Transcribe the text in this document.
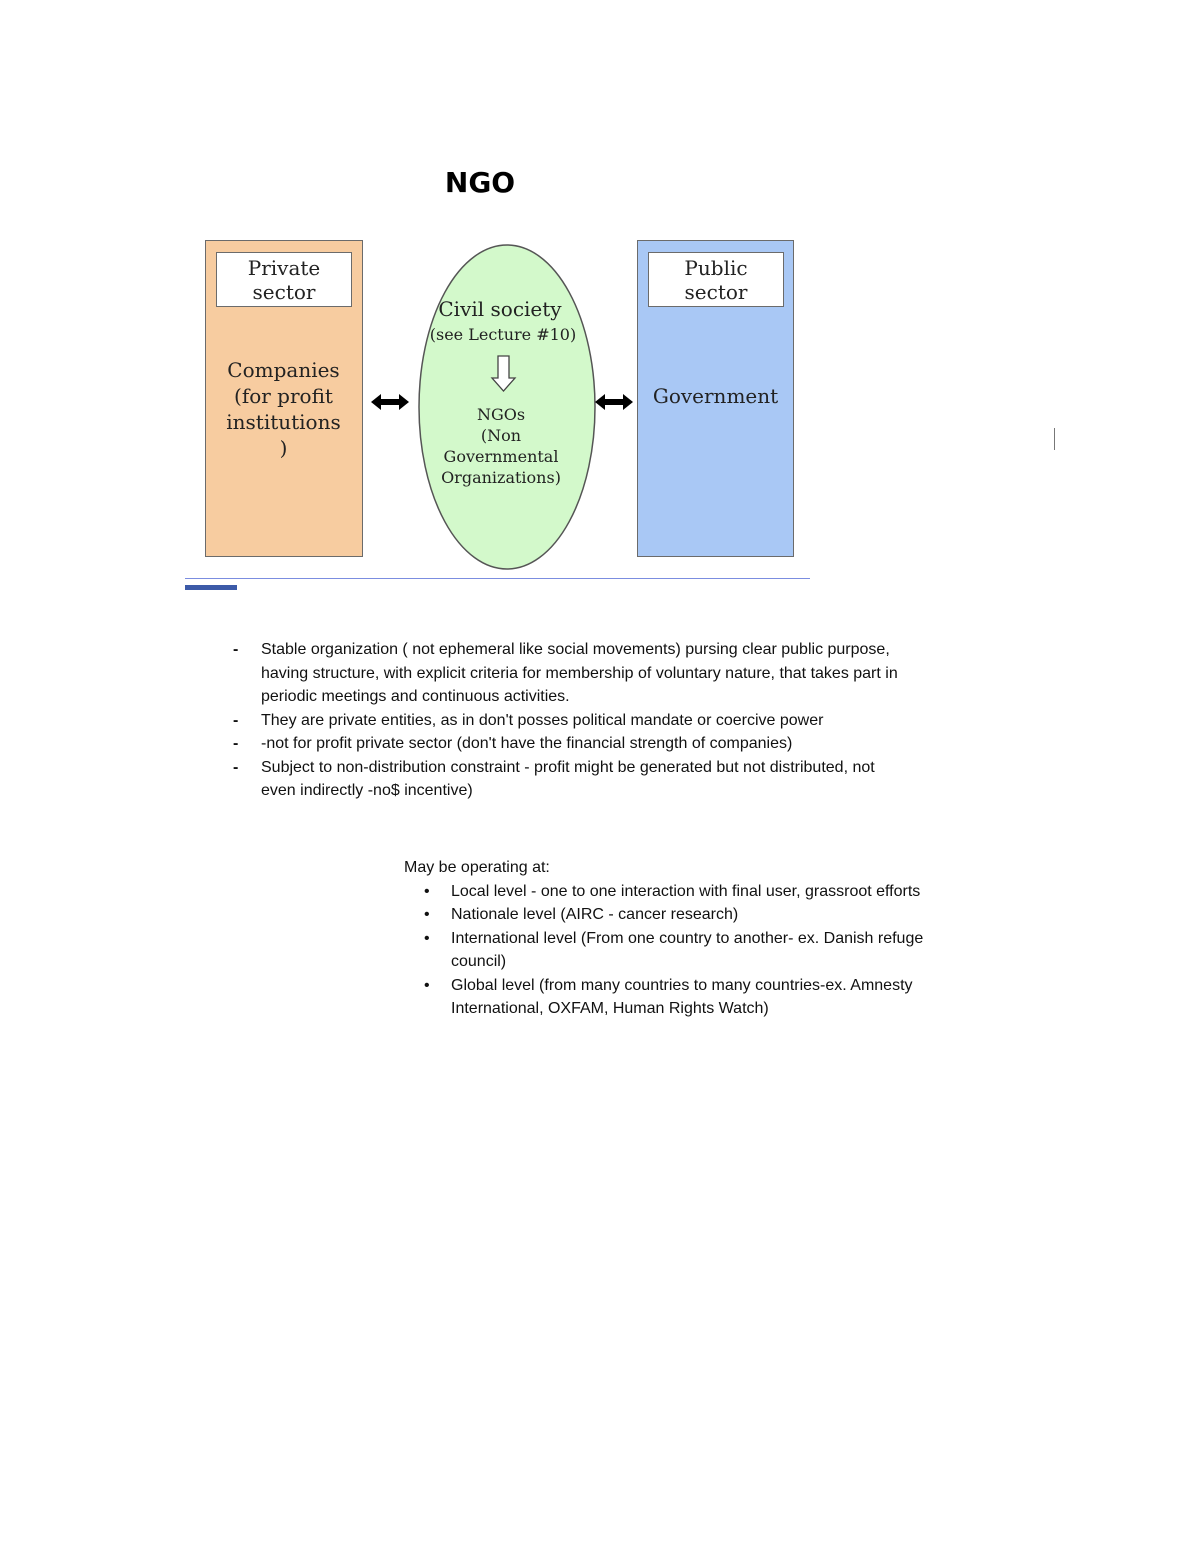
NGO
Private
sector
Companies
(for profit
institutions
)
Civil society
(see Lecture #10)
NGOs
(Non
Governmental
Organizations)
Public
sector
Government
- Stable organization ( not ephemeral like social movements) pursing clear public purpose, having structure, with explicit criteria for membership of voluntary nature, that takes part in periodic meetings and continuous activities.
- They are private entities, as in don't posses political mandate or coercive power
- -not for profit private sector (don't have the financial strength of companies)
- Subject to non-distribution constraint - profit might be generated but not distributed, not even indirectly -no$ incentive)
May be operating at:
• Local level - one to one interaction with final user, grassroot efforts
• Nationale level (AIRC - cancer research)
• International level (From one country to another- ex. Danish refuge council)
• Global level (from many countries to many countries-ex. Amnesty International, OXFAM, Human Rights Watch)
